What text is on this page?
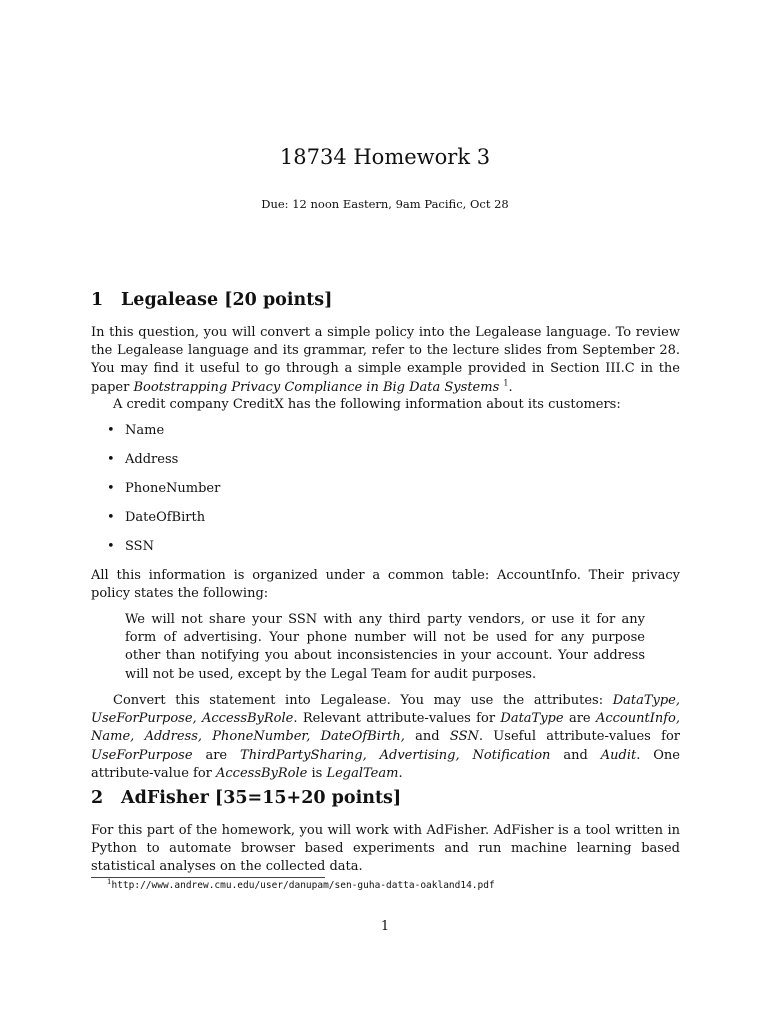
18734 Homework 3
Due: 12 noon Eastern, 9am Pacific, Oct 28
1 Legalease [20 points]
In this question, you will convert a simple policy into the Legalease language. To review the Legalease language and its grammar, refer to the lecture slides from September 28. You may find it useful to go through a simple example provided in Section III.C in the paper Bootstrapping Privacy Compliance in Big Data Systems $^1$.
A credit company CreditX has the following information about its customers:
• Name
• Address
• PhoneNumber
• DateOfBirth
• SSN
All this information is organized under a common table: AccountInfo. Their privacy policy states the following:
We will not share your SSN with any third party vendors, or use it for any form of advertising. Your phone number will not be used for any purpose other than notifying you about inconsistencies in your account. Your address will not be used, except by the Legal Team for audit purposes.
Convert this statement into Legalease. You may use the attributes: DataType, UseForPurpose, AccessByRole. Relevant attribute-values for DataType are AccountInfo, Name, Address, PhoneNumber, DateOfBirth, and SSN. Useful attribute-values for UseForPurpose are ThirdPartySharing, Advertising, Notification and Audit. One attribute-value for AccessByRole is LegalTeam.
2 AdFisher [35=15+20 points]
For this part of the homework, you will work with AdFisher. AdFisher is a tool written in Python to automate browser based experiments and run machine learning based statistical analyses on the collected data.
$^1$http://www.andrew.cmu.edu/user/danupam/sen-guha-datta-oakland14.pdf
1
